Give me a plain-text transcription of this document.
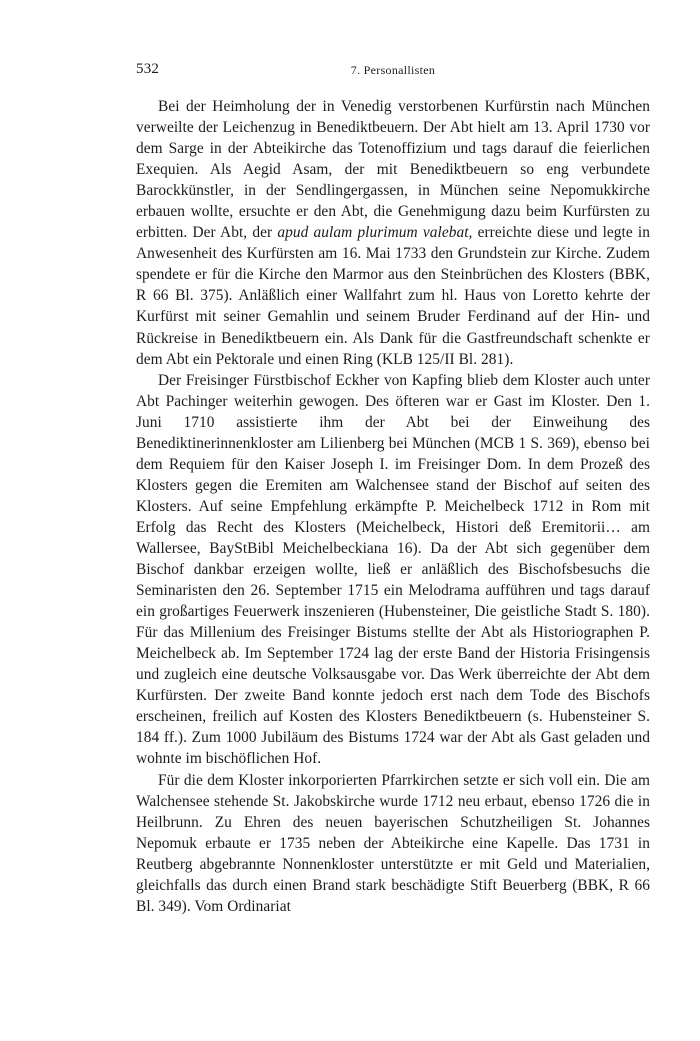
532	7. Personallisten

Bei der Heimholung der in Venedig verstorbenen Kurfürstin nach München verweilte der Leichenzug in Benediktbeuern. Der Abt hielt am 13. April 1730 vor dem Sarge in der Abteikirche das Totenoffizium und tags darauf die feierlichen Exequien. Als Aegid Asam, der mit Benediktbeuern so eng verbundete Barockkünstler, in der Sendlingergassen, in München seine Nepomukkirche erbauen wollte, ersuchte er den Abt, die Genehmigung dazu beim Kurfürsten zu erbitten. Der Abt, der apud aulam plurimum valebat, erreichte diese und legte in Anwesenheit des Kurfürsten am 16. Mai 1733 den Grundstein zur Kirche. Zudem spendete er für die Kirche den Marmor aus den Steinbrüchen des Klosters (BBK, R 66 Bl. 375). Anläßlich einer Wallfahrt zum hl. Haus von Loretto kehrte der Kurfürst mit seiner Gemahlin und seinem Bruder Ferdinand auf der Hin- und Rückreise in Benediktbeuern ein. Als Dank für die Gastfreundschaft schenkte er dem Abt ein Pektorale und einen Ring (KLB 125/II Bl. 281).

Der Freisinger Fürstbischof Eckher von Kapfing blieb dem Kloster auch unter Abt Pachinger weiterhin gewogen. Des öfteren war er Gast im Kloster. Den 1. Juni 1710 assistierte ihm der Abt bei der Einweihung des Benediktinerinnenkloster am Lilienberg bei München (MCB 1 S. 369), ebenso bei dem Requiem für den Kaiser Joseph I. im Freisinger Dom. In dem Prozeß des Klosters gegen die Eremiten am Walchensee stand der Bischof auf seiten des Klosters. Auf seine Empfehlung erkämpfte P. Meichelbeck 1712 in Rom mit Erfolg das Recht des Klosters (Meichelbeck, Histori deß Eremitorii… am Wallersee, BayStBibl Meichelbeckiana 16). Da der Abt sich gegenüber dem Bischof dankbar erzeigen wollte, ließ er anläßlich des Bischofsbesuchs die Seminaristen den 26. September 1715 ein Melodrama aufführen und tags darauf ein großartiges Feuerwerk inszenieren (Hubensteiner, Die geistliche Stadt S. 180). Für das Millenium des Freisinger Bistums stellte der Abt als Historiographen P. Meichelbeck ab. Im September 1724 lag der erste Band der Historia Frisingensis und zugleich eine deutsche Volksausgabe vor. Das Werk überreichte der Abt dem Kurfürsten. Der zweite Band konnte jedoch erst nach dem Tode des Bischofs erscheinen, freilich auf Kosten des Klosters Benediktbeuern (s. Hubensteiner S. 184 ff.). Zum 1000 Jubiläum des Bistums 1724 war der Abt als Gast geladen und wohnte im bischöflichen Hof.

Für die dem Kloster inkorporierten Pfarrkirchen setzte er sich voll ein. Die am Walchensee stehende St. Jakobskirche wurde 1712 neu erbaut, ebenso 1726 die in Heilbrunn. Zu Ehren des neuen bayerischen Schutzheiligen St. Johannes Nepomuk erbaute er 1735 neben der Abteikirche eine Kapelle. Das 1731 in Reutberg abgebrannte Nonnenkloster unterstützte er mit Geld und Materialien, gleichfalls das durch einen Brand stark beschädigte Stift Beuerberg (BBK, R 66 Bl. 349). Vom Ordinariat
